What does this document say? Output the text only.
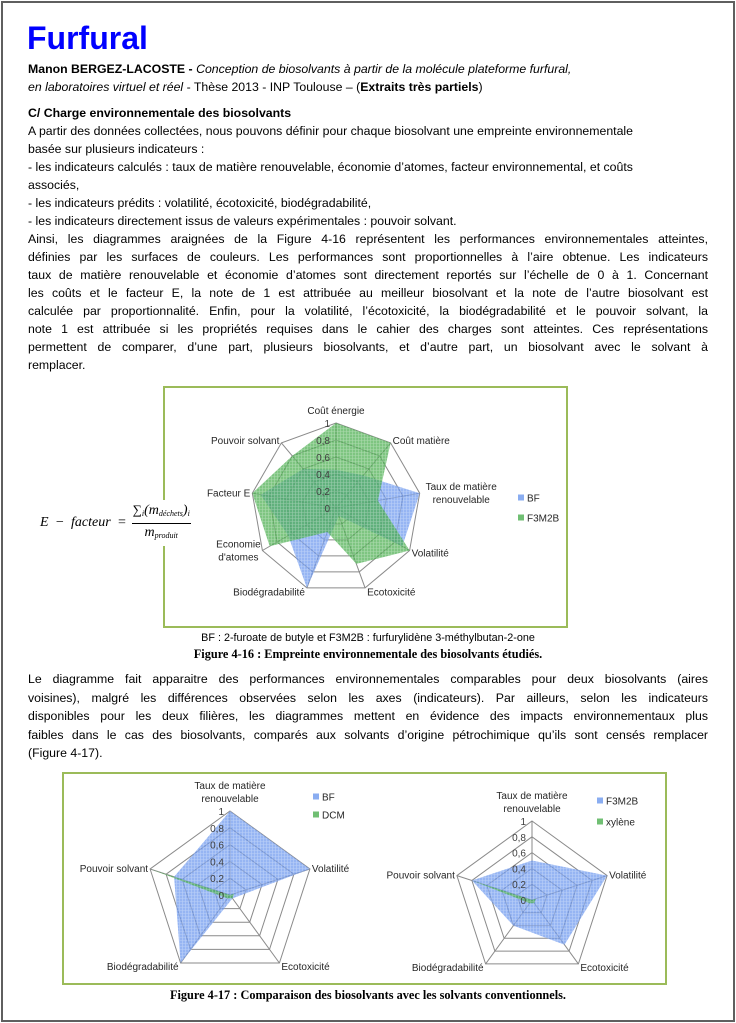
Furfural
Manon BERGEZ-LACOSTE - Conception de biosolvants à partir de la molécule plateforme furfural,
en laboratoires virtuel et réel - Thèse 2013 - INP Toulouse – (Extraits très partiels)
C/ Charge environnementale des biosolvants
A partir des données collectées, nous pouvons définir pour chaque biosolvant une empreinte environnementale
basée sur plusieurs indicateurs :
- les indicateurs calculés : taux de matière renouvelable, économie d’atomes, facteur environnemental, et coûts
associés,
- les indicateurs prédits : volatilité, écotoxicité, biodégradabilité,
- les indicateurs directement issus de valeurs expérimentales : pouvoir solvant.
Ainsi, les diagrammes araignées de la Figure 4-16 représentent les performances environnementales atteintes,
définies par les surfaces de couleurs. Les performances sont proportionnelles à l’aire obtenue. Les indicateurs
taux de matière renouvelable et économie d’atomes sont directement reportés sur l’échelle de 0 à 1. Concernant
les coûts et le facteur E, la note de 1 est attribuée au meilleur biosolvant et la note de l’autre biosolvant est
calculée par proportionnalité. Enfin, pour la volatilité, l’écotoxicité, la biodégradabilité et le pouvoir solvant, la
note 1 est attribuée si les propriétés requises dans le cahier des charges sont atteintes. Ces représentations
permettent de comparer, d’une part, plusieurs biosolvants, et d’autre part, un biosolvant avec le solvant à
remplacer.
0
0,2
0,4
0,6
0,8
1
Coût énergie
Coût matière
Taux de matière renouvelable
Volatilité
Ecotoxicité
Biodégradabilité
Economie d'atomes
Facteur E
Pouvoir solvant
BF
F3M2B
E − facteur = $\frac{\sum_i(m_{déchets})_i}{m_{produit}}$
BF : 2-furoate de butyle et F3M2B : furfurylidène 3-méthylbutan-2-one
Figure 4-16 : Empreinte environnementale des biosolvants étudiés.
Le diagramme fait apparaitre des performances environnementales comparables pour deux biosolvants (aires
voisines), malgré les différences observées selon les axes (indicateurs). Par ailleurs, selon les indicateurs
disponibles pour les deux filières, les diagrammes mettent en évidence des impacts environnementaux plus
faibles dans le cas des biosolvants, comparés aux solvants d’origine pétrochimique qu’ils sont censés remplacer
(Figure 4-17).
0
0,2
0,4
0,6
0,8
1
Taux de matière renouvelable
Volatilité
Ecotoxicité
Biodégradabilité
Pouvoir solvant
BF
DCM
0
0,2
0,4
0,6
0,8
1
Taux de matière renouvelable
Volatilité
Ecotoxicité
Biodégradabilité
Pouvoir solvant
F3M2B
xylène
Figure 4-17 : Comparaison des biosolvants avec les solvants conventionnels.
